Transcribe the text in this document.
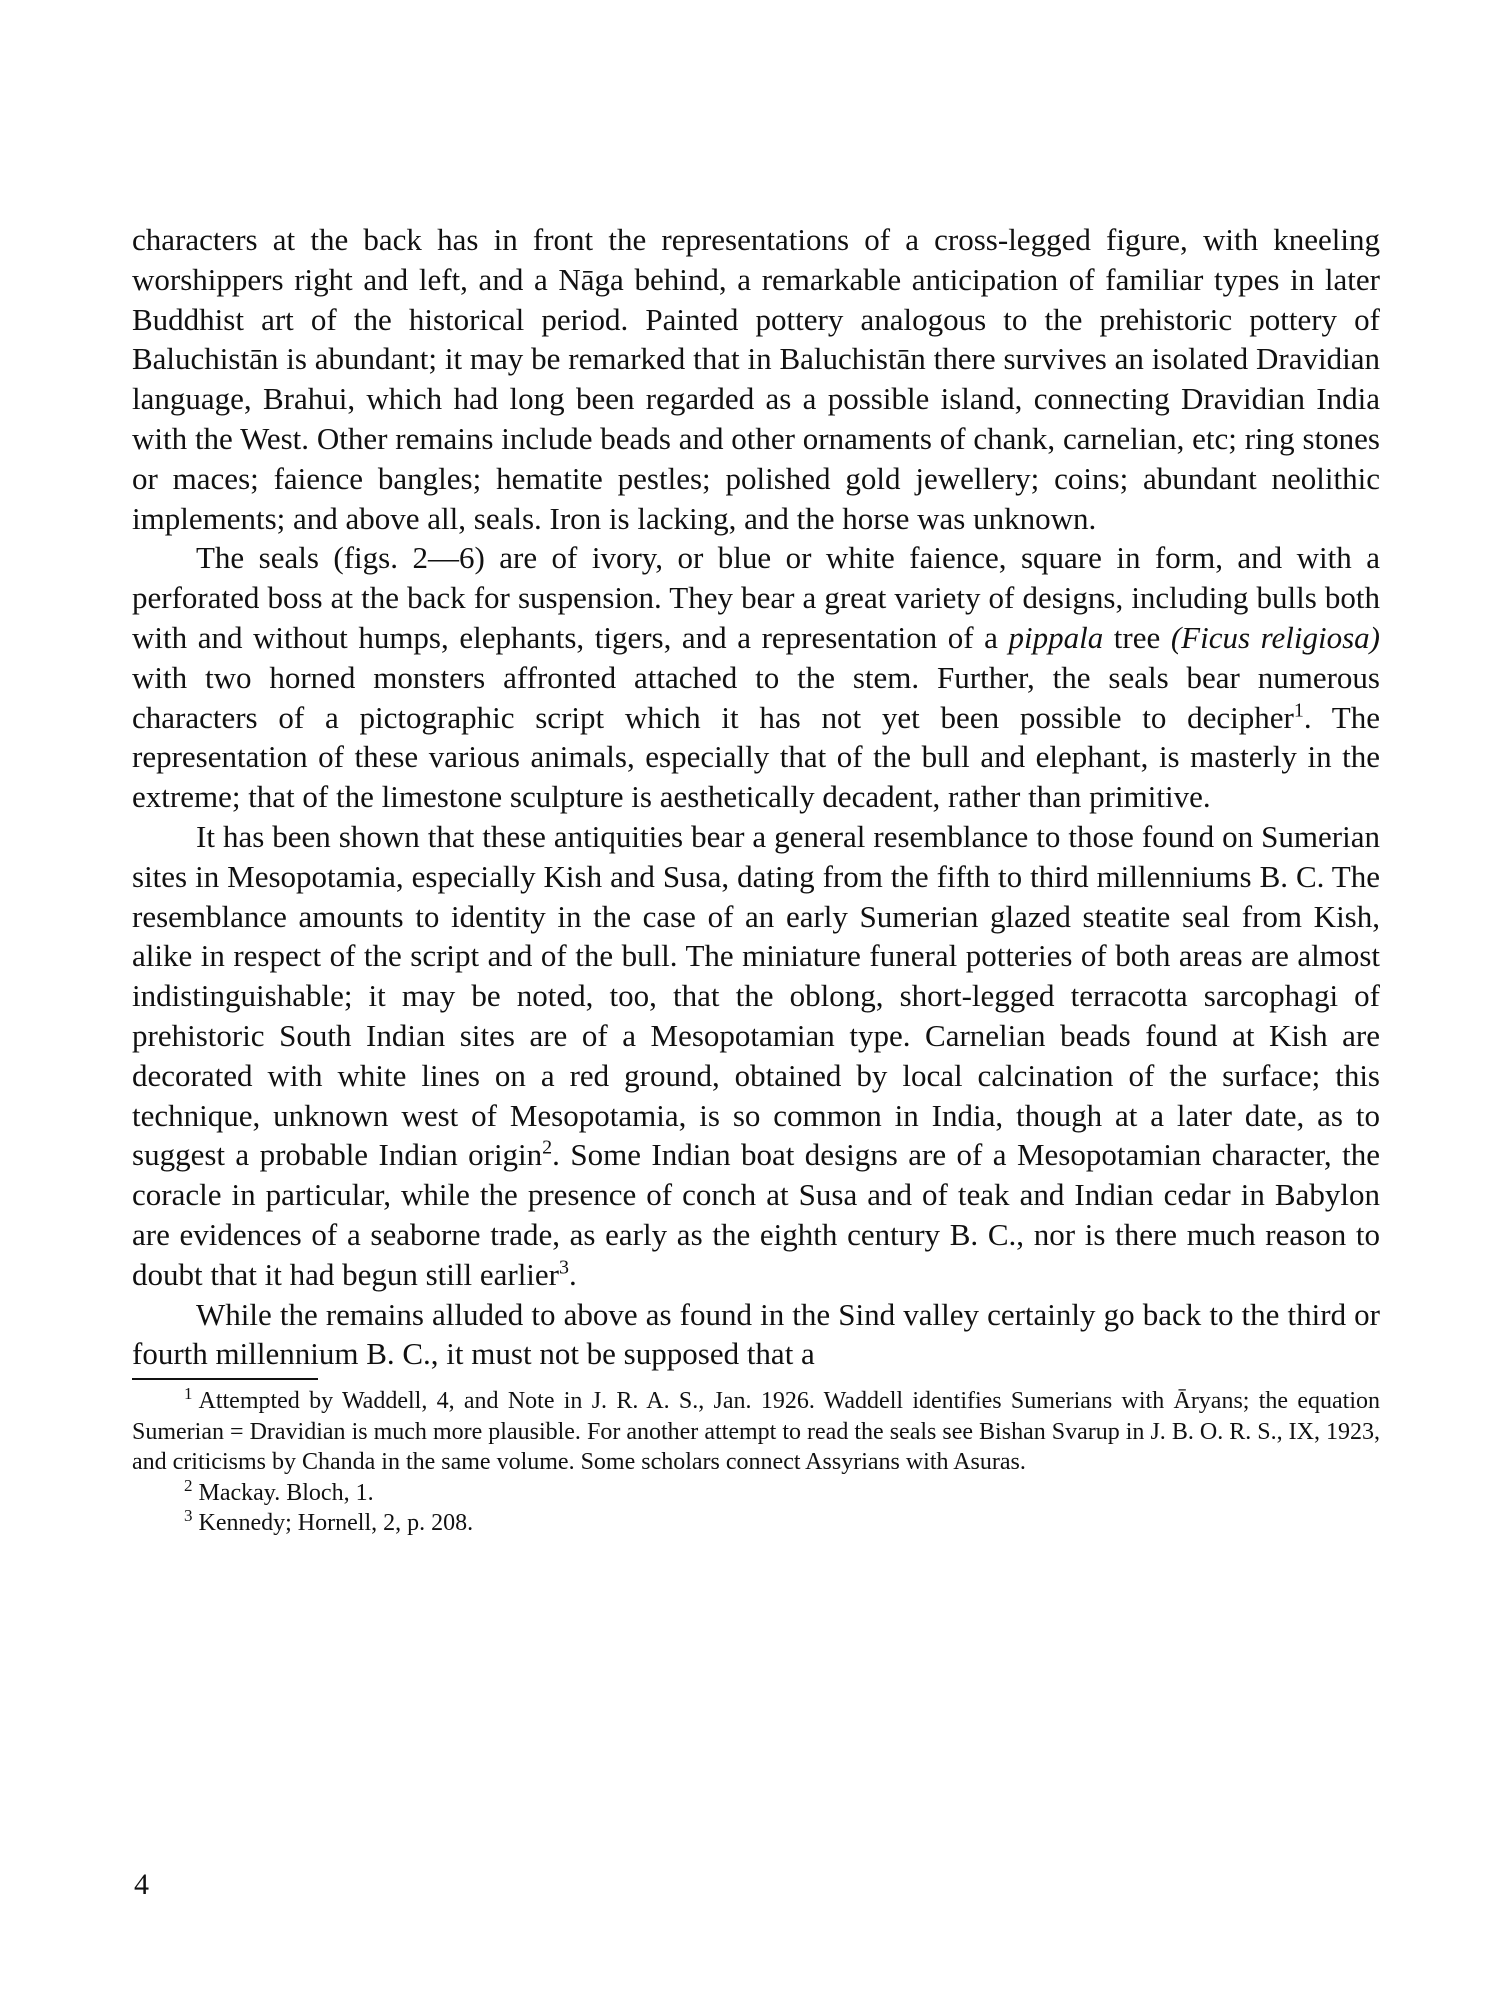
characters at the back has in front the representations of a cross-legged figure, with kneeling worshippers right and left, and a Nāga behind, a remarkable anticipation of familiar types in later Buddhist art of the historical period. Painted pottery analogous to the prehistoric pottery of Baluchistān is abundant; it may be remarked that in Baluchistān there survives an isolated Dravidian language, Brahui, which had long been regarded as a possible island, connecting Dravidian India with the West. Other remains include beads and other ornaments of chank, carnelian, etc; ring stones or maces; faience bangles; hematite pestles; polished gold jewellery; coins; abundant neolithic implements; and above all, seals. Iron is lacking, and the horse was unknown.

The seals (figs. 2—6) are of ivory, or blue or white faience, square in form, and with a perforated boss at the back for suspension. They bear a great variety of designs, including bulls both with and without humps, elephants, tigers, and a representation of a pippala tree (Ficus religiosa) with two horned monsters affronted attached to the stem. Further, the seals bear numerous characters of a pictographic script which it has not yet been possible to decipher$^1$. The representation of these various animals, especially that of the bull and elephant, is masterly in the extreme; that of the limestone sculpture is aesthetically decadent, rather than primitive.

It has been shown that these antiquities bear a general resemblance to those found on Sumerian sites in Mesopotamia, especially Kish and Susa, dating from the fifth to third millenniums B. C. The resemblance amounts to identity in the case of an early Sumerian glazed steatite seal from Kish, alike in respect of the script and of the bull. The miniature funeral potteries of both areas are almost indistinguishable; it may be noted, too, that the oblong, short-legged terracotta sarcophagi of prehistoric South Indian sites are of a Mesopotamian type. Carnelian beads found at Kish are decorated with white lines on a red ground, obtained by local calcination of the surface; this technique, unknown west of Mesopotamia, is so common in India, though at a later date, as to suggest a probable Indian origin$^2$. Some Indian boat designs are of a Mesopotamian character, the coracle in particular, while the presence of conch at Susa and of teak and Indian cedar in Babylon are evidences of a seaborne trade, as early as the eighth century B. C., nor is there much reason to doubt that it had begun still earlier$^3$.

While the remains alluded to above as found in the Sind valley certainly go back to the third or fourth millennium B. C., it must not be supposed that a

$^1$ Attempted by Waddell, 4, and Note in J. R. A. S., Jan. 1926. Waddell identifies Sumerians with Āryans; the equation Sumerian = Dravidian is much more plausible. For another attempt to read the seals see Bishan Svarup in J. B. O. R. S., IX, 1923, and criticisms by Chanda in the same volume. Some scholars connect Assyrians with Asuras.

$^2$ Mackay. Bloch, 1.

$^3$ Kennedy; Hornell, 2, p. 208.

4
